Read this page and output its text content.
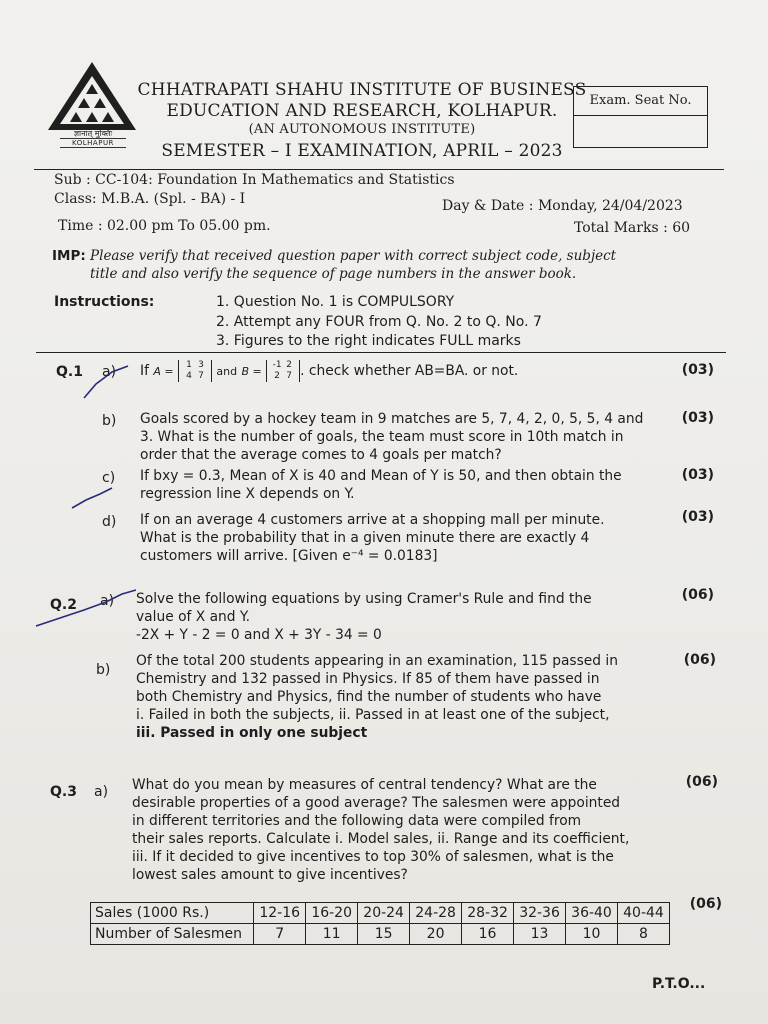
ज्ञानात् मुक्तिः
KOLHAPUR
CHHATRAPATI SHAHU INSTITUTE OF BUSINESS
EDUCATION AND RESEARCH, KOLHAPUR.
(AN AUTONOMOUS INSTITUTE)
SEMESTER – I EXAMINATION, APRIL – 2023
Exam. Seat No.
Sub : CC-104: Foundation In Mathematics and Statistics
Class: M.B.A. (Spl. - BA) - I	Day & Date : Monday, 24/04/2023
Time : 02.00 pm To 05.00 pm.	Total Marks : 60
IMP: Please verify that received question paper with correct subject code, subject
title and also verify the sequence of page numbers in the answer book.
Instructions:	1. Question No. 1 is COMPULSORY
2. Attempt any FOUR from Q. No. 2 to Q. No. 7
3. Figures to the right indicates FULL marks
Q.1 a) If A = 1 3
4 7 and B = -1 2
2 7 . check whether AB=BA. or not.	(03)
b) Goals scored by a hockey team in 9 matches are 5, 7, 4, 2, 0, 5, 5, 4 and
3. What is the number of goals, the team must score in 10th match in
order that the average comes to 4 goals per match?
(03)
c) If bxy = 0.3, Mean of X is 40 and Mean of Y is 50, and then obtain the
regression line X depends on Y.
(03)
d) If on an average 4 customers arrive at a shopping mall per minute.
What is the probability that in a given minute there are exactly 4
customers will arrive. [Given e⁻⁴ = 0.0183]
(03)
Q.2 a) Solve the following equations by using Cramer's Rule and find the
value of X and Y.
-2X + Y - 2 = 0 and X + 3Y - 34 = 0
(06)
b)
Of the total 200 students appearing in an examination, 115 passed in
Chemistry and 132 passed in Physics. If 85 of them have passed in
both Chemistry and Physics, find the number of students who have
i. Failed in both the subjects, ii. Passed in at least one of the subject,
iii. Passed in only one subject
(06)
Q.3 a) What do you mean by measures of central tendency? What are the
desirable properties of a good average? The salesmen were appointed
in different territories and the following data were compiled from
their sales reports. Calculate i. Model sales, ii. Range and its coefficient,
iii. If it decided to give incentives to top 30% of salesmen, what is the
lowest sales amount to give incentives?
(06)
Sales (1000 Rs.)	12-16	16-20	20-24	24-28	28-32	32-36	36-40	40-44
Number of Salesmen	7	11	15	20	16	13	10	8
(06)
P.T.O...
